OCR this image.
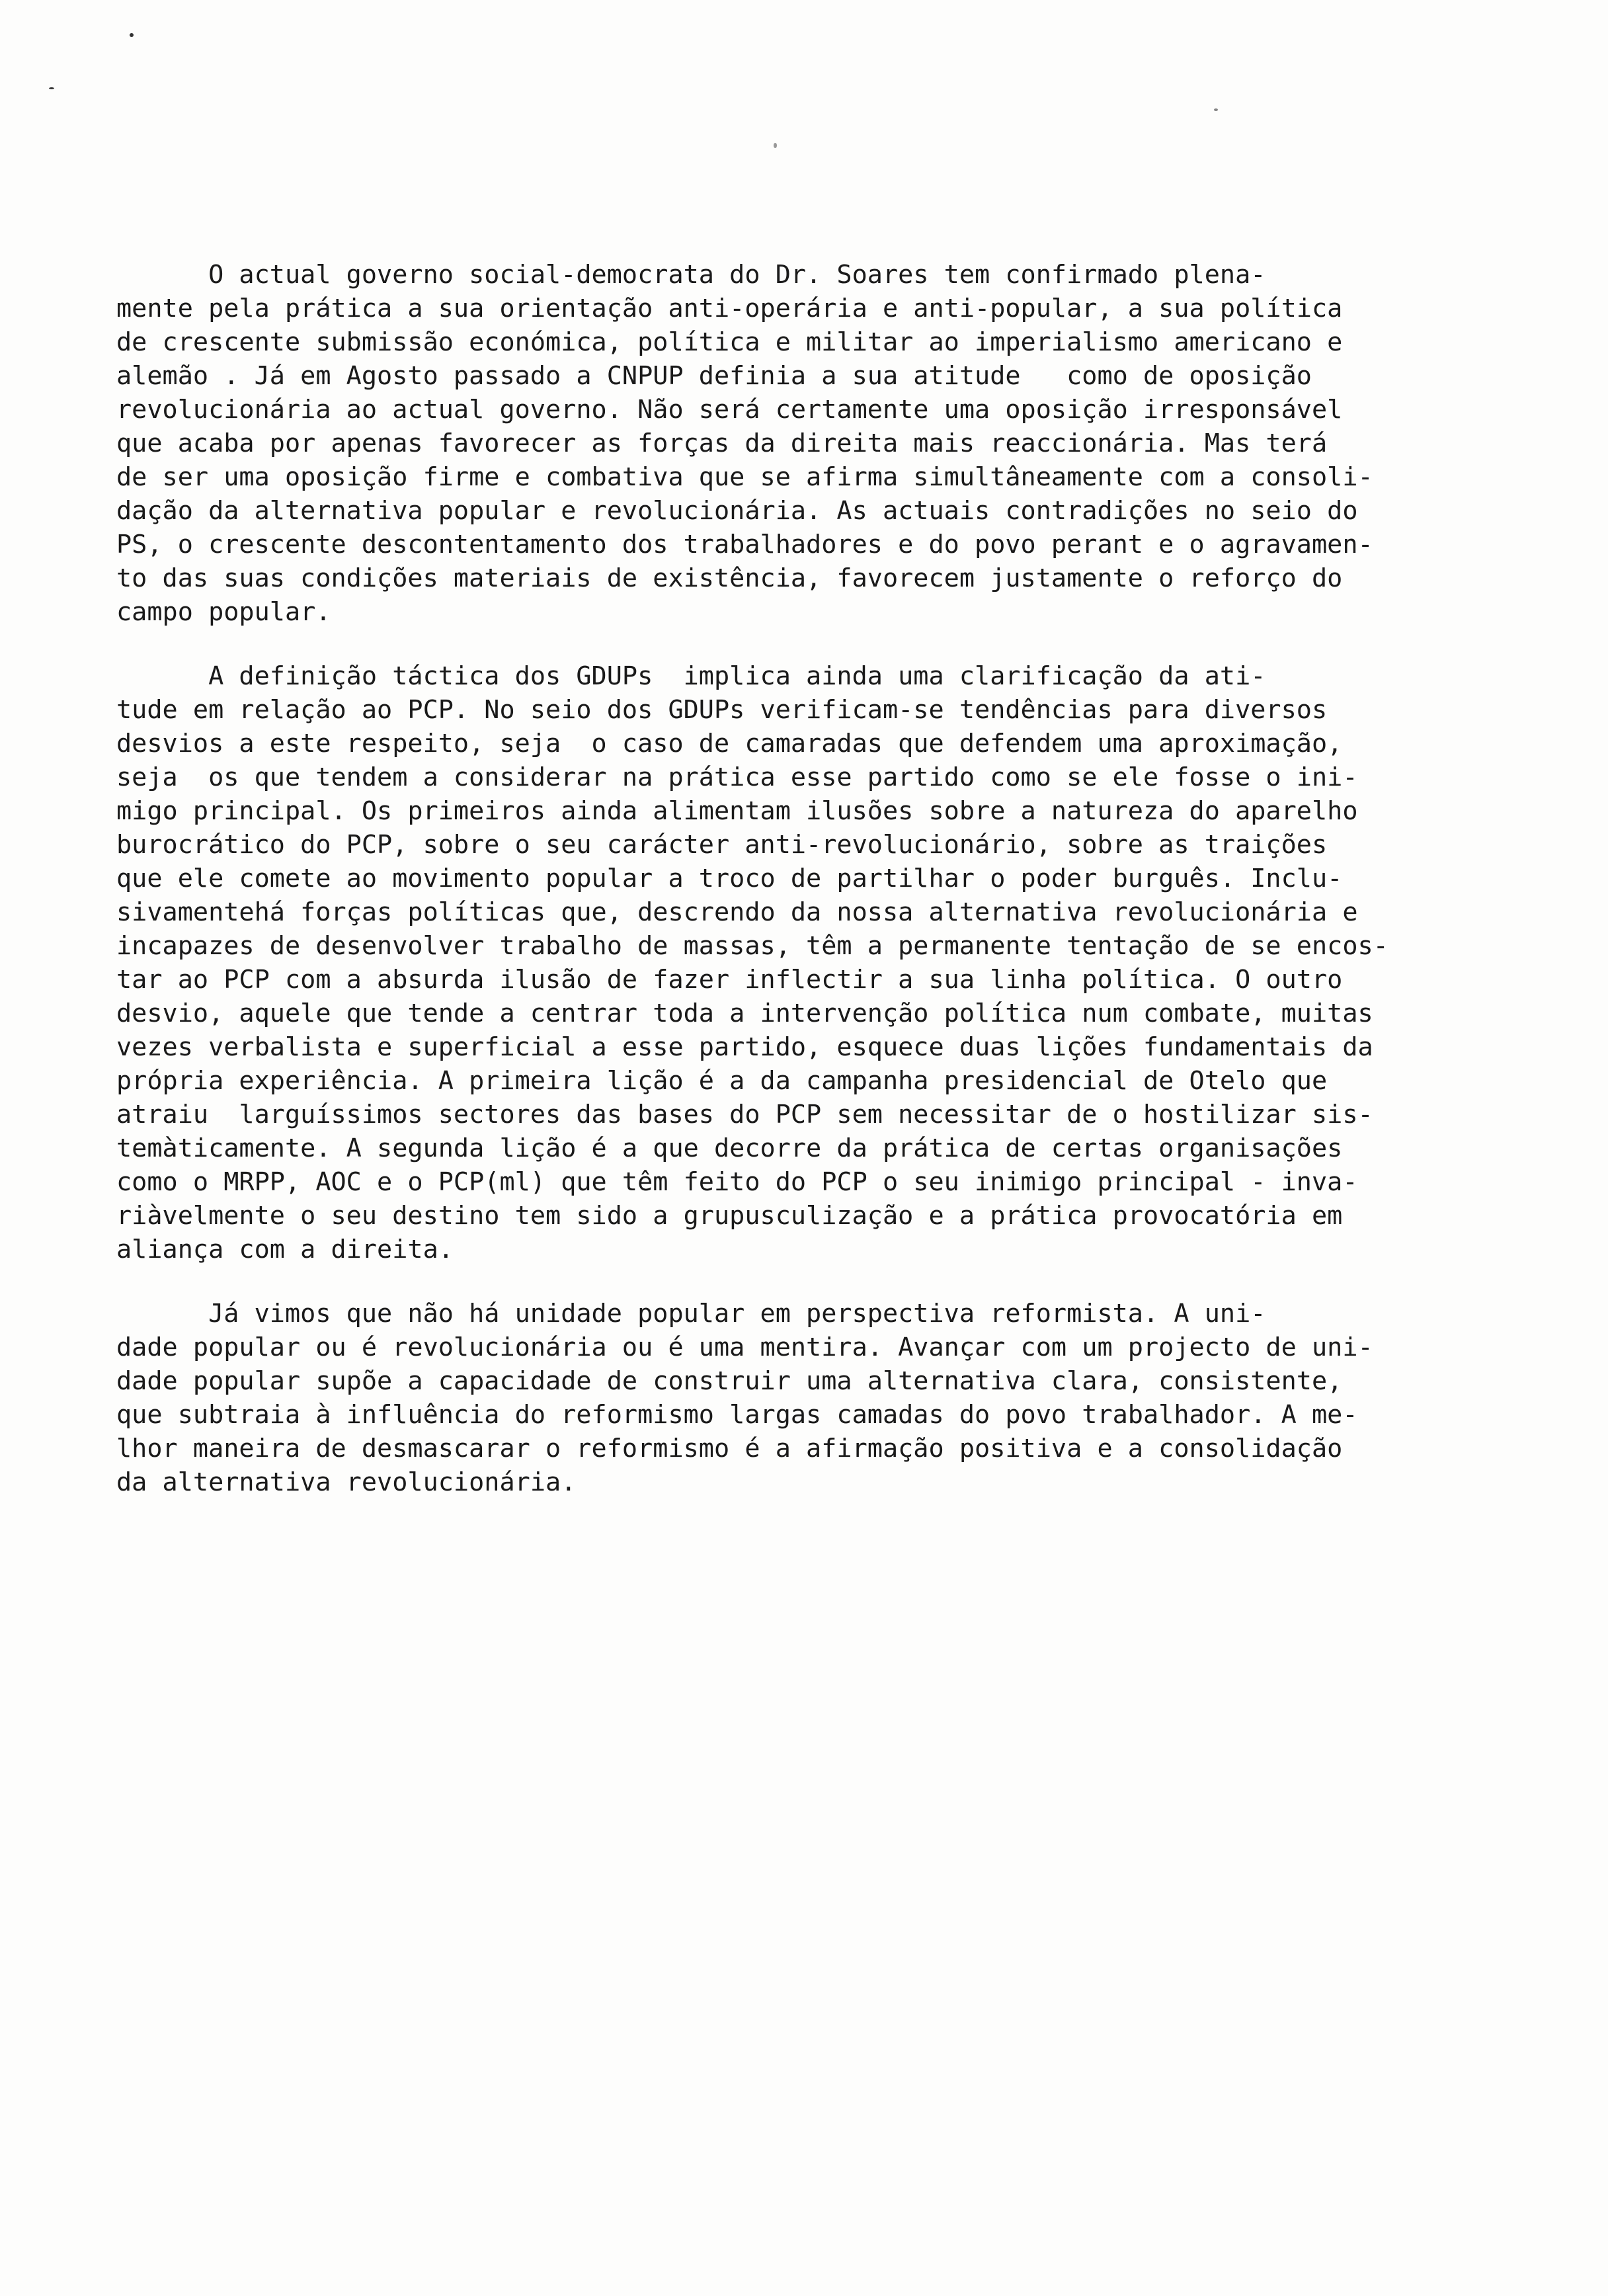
O actual governo social-democrata do Dr. Soares tem confirmado plena-
mente pela prática a sua orientação anti-operária e anti-popular, a sua política
de crescente submissão económica, política e militar ao imperialismo americano e
alemão . Já em Agosto passado a CNPUP definia a sua atitude   como de oposição
revolucionária ao actual governo. Não será certamente uma oposição irresponsável
que acaba por apenas favorecer as forças da direita mais reaccionária. Mas terá
de ser uma oposição firme e combativa que se afirma simultâneamente com a consoli-
dação da alternativa popular e revolucionária. As actuais contradições no seio do
PS, o crescente descontentamento dos trabalhadores e do povo perant e o agravamen-
to das suas condições materiais de existência, favorecem justamente o reforço do
campo popular.
A definição táctica dos GDUPs  implica ainda uma clarificação da ati-
tude em relação ao PCP. No seio dos GDUPs verificam-se tendências para diversos
desvios a este respeito, seja  o caso de camaradas que defendem uma aproximação,
seja  os que tendem a considerar na prática esse partido como se ele fosse o ini-
migo principal. Os primeiros ainda alimentam ilusões sobre a natureza do aparelho
burocrático do PCP, sobre o seu carácter anti-revolucionário, sobre as traições
que ele comete ao movimento popular a troco de partilhar o poder burguês. Inclu-
sivamentehá forças políticas que, descrendo da nossa alternativa revolucionária e
incapazes de desenvolver trabalho de massas, têm a permanente tentação de se encos-
tar ao PCP com a absurda ilusão de fazer inflectir a sua linha política. O outro
desvio, aquele que tende a centrar toda a intervenção política num combate, muitas
vezes verbalista e superficial a esse partido, esquece duas lições fundamentais da
própria experiência. A primeira lição é a da campanha presidencial de Otelo que
atraiu  larguíssimos sectores das bases do PCP sem necessitar de o hostilizar sis-
temàticamente. A segunda lição é a que decorre da prática de certas organisações
como o MRPP, AOC e o PCP(ml) que têm feito do PCP o seu inimigo principal - inva-
riàvelmente o seu destino tem sido a grupusculização e a prática provocatória em
aliança com a direita.
Já vimos que não há unidade popular em perspectiva reformista. A uni-
dade popular ou é revolucionária ou é uma mentira. Avançar com um projecto de uni-
dade popular supõe a capacidade de construir uma alternativa clara, consistente,
que subtraia à influência do reformismo largas camadas do povo trabalhador. A me-
lhor maneira de desmascarar o reformismo é a afirmação positiva e a consolidação
da alternativa revolucionária.
